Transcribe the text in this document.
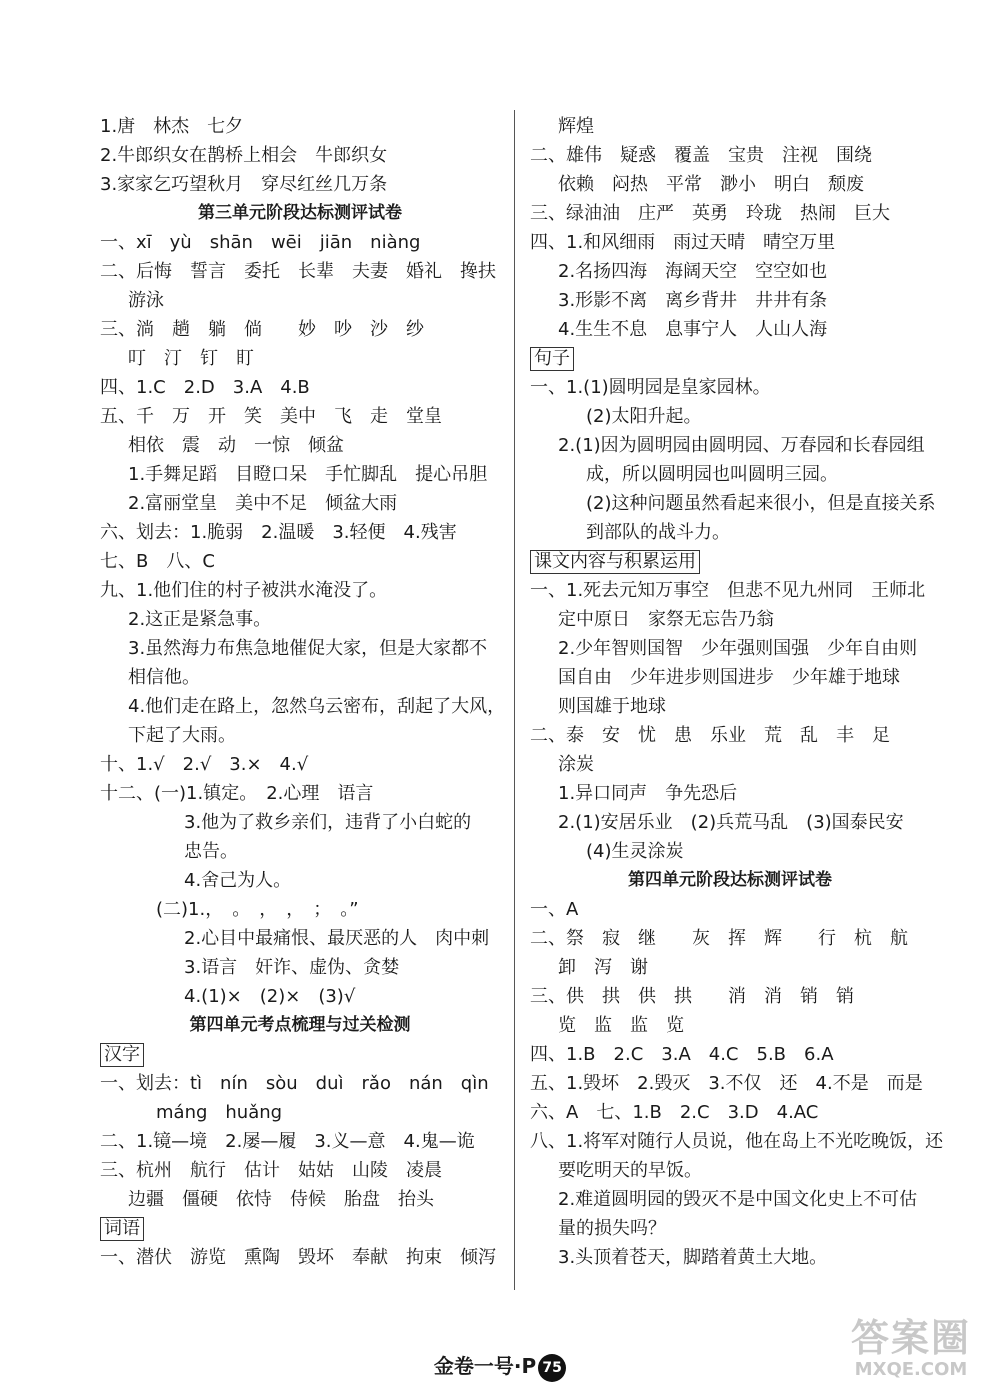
1.唐　林杰　七夕
2.牛郎织女在鹊桥上相会　牛郎织女
3.家家乞巧望秋月　穿尽红丝几万条
第三单元阶段达标测评试卷
一、xī　yù　shān　wēi　jiān　niàng
二、后悔　誓言　委托　长辈　夫妻　婚礼　搀扶
游泳
三、淌　趟　躺　倘　　妙　吵　沙　纱
叮　汀　钉　盯
四、1.C　2.D　3.A　4.B
五、千　万　开　笑　美中　飞　走　堂皇
相依　震　动　一惊　倾盆
1.手舞足蹈　目瞪口呆　手忙脚乱　提心吊胆
2.富丽堂皇　美中不足　倾盆大雨
六、划去：1.脆弱　2.温暖　3.轻便　4.残害
七、B　八、C
九、1.他们住的村子被洪水淹没了。
2.这正是紧急事。
3.虽然海力布焦急地催促大家，但是大家都不
相信他。
4.他们走在路上，忽然乌云密布，刮起了大风，
下起了大雨。
十、1.√　2.√　3.×　4.√
十二、(一)1.镇定。　2.心理　语言
3.他为了救乡亲们，违背了小白蛇的
忠告。
4.舍己为人。
(二)1.，　。　，　，　；　。”
2.心目中最痛恨、最厌恶的人　肉中刺
3.语言　奸诈、虚伪、贪婪
4.(1)×　(2)×　(3)√
第四单元考点梳理与过关检测
汉字
一、划去：tì　nín　sòu　duì　rǎo　nán　qìn
máng　huǎng
二、1.镜—境　2.屡—履　3.义—意　4.鬼—诡
三、杭州　航行　估计　姑姑　山陵　凌晨
边疆　僵硬　依恃　侍候　胎盘　抬头
词语
一、潜伏　游览　熏陶　毁坏　奉献　拘束　倾泻
辉煌
二、雄伟　疑惑　覆盖　宝贵　注视　围绕
依赖　闷热　平常　渺小　明白　颓废
三、绿油油　庄严　英勇　玲珑　热闹　巨大
四、1.和风细雨　雨过天晴　晴空万里
2.名扬四海　海阔天空　空空如也
3.形影不离　离乡背井　井井有条
4.生生不息　息事宁人　人山人海
句子
一、1.(1)圆明园是皇家园林。
(2)太阳升起。
2.(1)因为圆明园由圆明园、万春园和长春园组
成，所以圆明园也叫圆明三园。
(2)这种问题虽然看起来很小，但是直接关系
到部队的战斗力。
课文内容与积累运用
一、1.死去元知万事空　但悲不见九州同　王师北
定中原日　家祭无忘告乃翁
2.少年智则国智　少年强则国强　少年自由则
国自由　少年进步则国进步　少年雄于地球
则国雄于地球
二、泰　安　忧　患　乐业　荒　乱　丰　足
涂炭
1.异口同声　争先恐后
2.(1)安居乐业　(2)兵荒马乱　(3)国泰民安
(4)生灵涂炭
第四单元阶段达标测评试卷
一、A
二、祭　寂　继　　灰　挥　辉　　行　杭　航
卸　泻　谢
三、供　拱　供　拱　　消　消　销　销
览　监　监　览
四、1.B　2.C　3.A　4.C　5.B　6.A
五、1.毁坏　2.毁灭　3.不仅　还　4.不是　而是
六、A　七、1.B　2.C　3.D　4.AC
八、1.将军对随行人员说，他在岛上不光吃晚饭，还
要吃明天的早饭。
2.难道圆明园的毁灭不是中国文化史上不可估
量的损失吗？
3.头顶着苍天，脚踏着黄土大地。
金卷一号·P 75
答案圈
MXQE.COM
